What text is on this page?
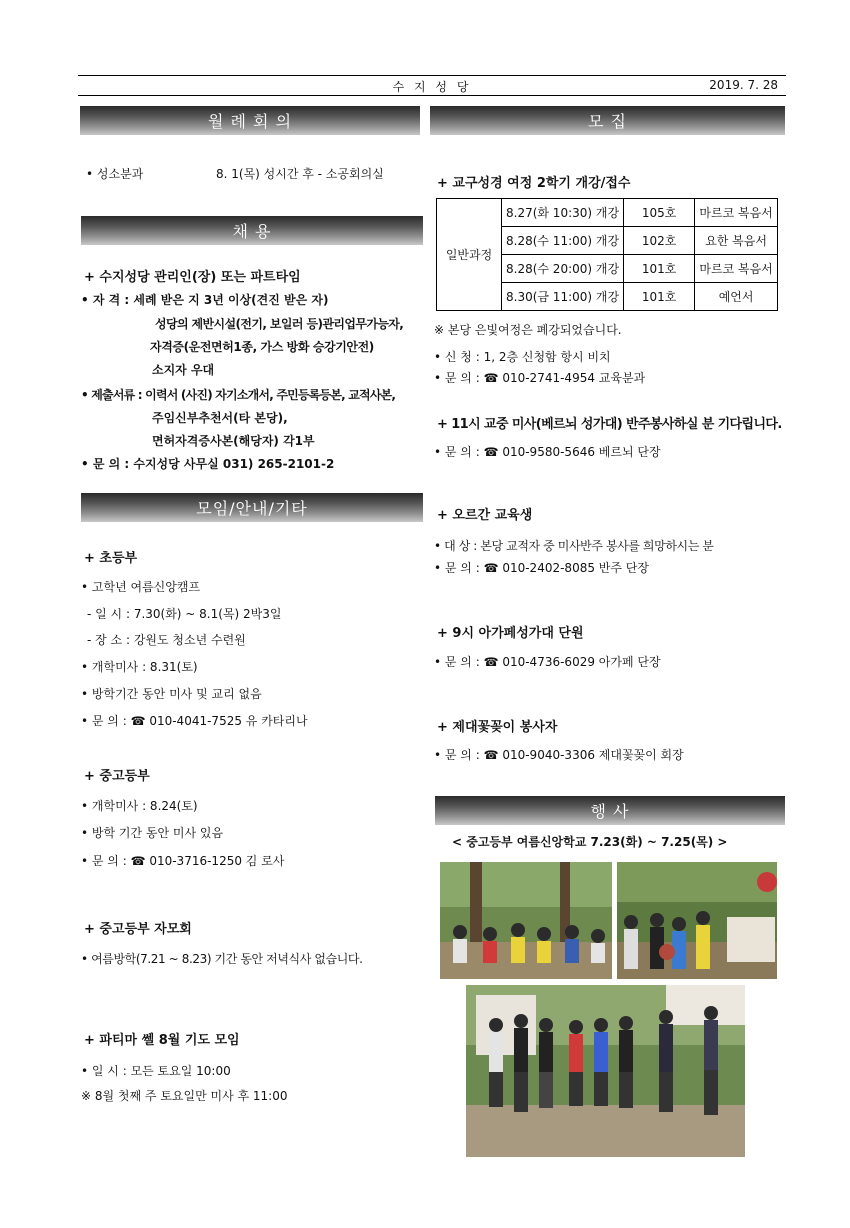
수 지 성 당	2019. 7. 28
월 례 회 의
• 성소분과	8. 1(목) 성시간 후 - 소공회의실
채 용
+ 수지성당 관리인(장) 또는 파트타임
• 자 격 : 세례 받은 지 3년 이상(견진 받은 자)
성당의 제반시설(전기, 보일러 등)관리업무가능자,
자격증(운전면허1종, 가스 방화 승강기안전)
소지자 우대
• 제출서류 : 이력서 (사진) 자기소개서, 주민등록등본, 교적사본,
주임신부추천서(타 본당),
면허자격증사본(해당자) 각1부
• 문 의 : 수지성당 사무실 031) 265-2101-2
모임/안내/기타
+ 초등부
• 고학년 여름신앙캠프
- 일 시 : 7.30(화) ~ 8.1(목) 2박3일
- 장 소 : 강원도 청소년 수련원
• 개학미사 : 8.31(토)
• 방학기간 동안 미사 및 교리 없음
• 문 의 : ☎ 010-4041-7525 유 카타리나
+ 중고등부
• 개학미사 : 8.24(토)
• 방학 기간 동안 미사 있음
• 문 의 : ☎ 010-3716-1250 김 로사
+ 중고등부 자모회
• 여름방학(7.21 ~ 8.23) 기간 동안 저녁식사 없습니다.
+ 파티마 쎌 8월 기도 모임
• 일 시 : 모든 토요일 10:00
※ 8월 첫째 주 토요일만 미사 후 11:00
모 집
+ 교구성경 여정 2학기 개강/접수
일반과정	8.27(화 10:30) 개강	105호	마르코 복음서
	8.28(수 11:00) 개강	102호	요한 복음서
	8.28(수 20:00) 개강	101호	마르코 복음서
	8.30(금 11:00) 개강	101호	예언서
※ 본당 은빛여정은 폐강되었습니다.
• 신 청 : 1, 2층 신청함 항시 비치
• 문 의 : ☎ 010-2741-4954 교육분과
+ 11시 교중 미사(베르뇌 성가대) 반주봉사하실 분 기다립니다.
• 문 의 : ☎ 010-9580-5646 베르뇌 단장
+ 오르간 교육생
• 대 상 : 본당 교적자 중 미사반주 봉사를 희망하시는 분
• 문 의 : ☎ 010-2402-8085 반주 단장
+ 9시 아가페성가대 단원
• 문 의 : ☎ 010-4736-6029 아가페 단장
+ 제대꽃꽂이 봉사자
• 문 의 : ☎ 010-9040-3306 제대꽃꽂이 회장
행 사
< 중고등부 여름신앙학교 7.23(화) ~ 7.25(목) >
